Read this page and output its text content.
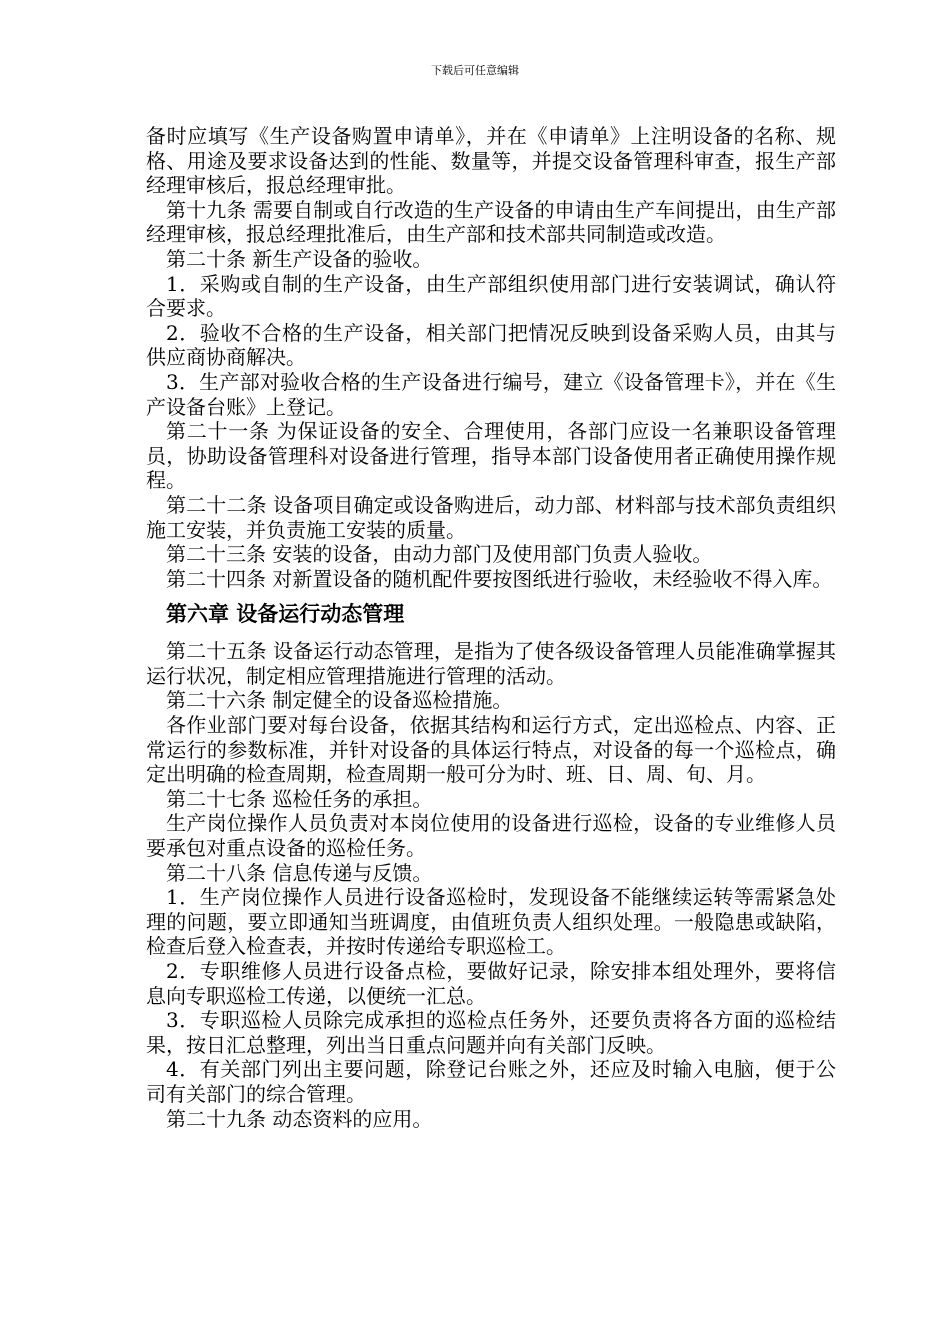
下载后可任意编辑

备时应填写《生产设备购置申请单》，并在《申请单》上注明设备的名称、规格、用途及要求设备达到的性能、数量等，并提交设备管理科审查，报生产部经理审核后，报总经理审批。

第十九条 需要自制或自行改造的生产设备的申请由生产车间提出，由生产部经理审核，报总经理批准后，由生产部和技术部共同制造或改造。

第二十条 新生产设备的验收。

1．采购或自制的生产设备，由生产部组织使用部门进行安装调试，确认符合要求。

2．验收不合格的生产设备，相关部门把情况反映到设备采购人员，由其与供应商协商解决。

3．生产部对验收合格的生产设备进行编号，建立《设备管理卡》，并在《生产设备台账》上登记。

第二十一条 为保证设备的安全、合理使用，各部门应设一名兼职设备管理员，协助设备管理科对设备进行管理，指导本部门设备使用者正确使用操作规程。

第二十二条 设备项目确定或设备购进后，动力部、材料部与技术部负责组织施工安装，并负责施工安装的质量。

第二十三条 安装的设备，由动力部门及使用部门负责人验收。

第二十四条 对新置设备的随机配件要按图纸进行验收，未经验收不得入库。

第六章 设备运行动态管理

第二十五条 设备运行动态管理，是指为了使各级设备管理人员能准确掌握其运行状况，制定相应管理措施进行管理的活动。

第二十六条 制定健全的设备巡检措施。

各作业部门要对每台设备，依据其结构和运行方式，定出巡检点、内容、正常运行的参数标准，并针对设备的具体运行特点，对设备的每一个巡检点，确定出明确的检查周期，检查周期一般可分为时、班、日、周、旬、月。

第二十七条 巡检任务的承担。

生产岗位操作人员负责对本岗位使用的设备进行巡检，设备的专业维修人员要承包对重点设备的巡检任务。

第二十八条 信息传递与反馈。

1．生产岗位操作人员进行设备巡检时，发现设备不能继续运转等需紧急处理的问题，要立即通知当班调度，由值班负责人组织处理。一般隐患或缺陷，检查后登入检查表，并按时传递给专职巡检工。

2．专职维修人员进行设备点检，要做好记录，除安排本组处理外，要将信息向专职巡检工传递，以便统一汇总。

3．专职巡检人员除完成承担的巡检点任务外，还要负责将各方面的巡检结果，按日汇总整理，列出当日重点问题并向有关部门反映。

4．有关部门列出主要问题，除登记台账之外，还应及时输入电脑，便于公司有关部门的综合管理。

第二十九条 动态资料的应用。
